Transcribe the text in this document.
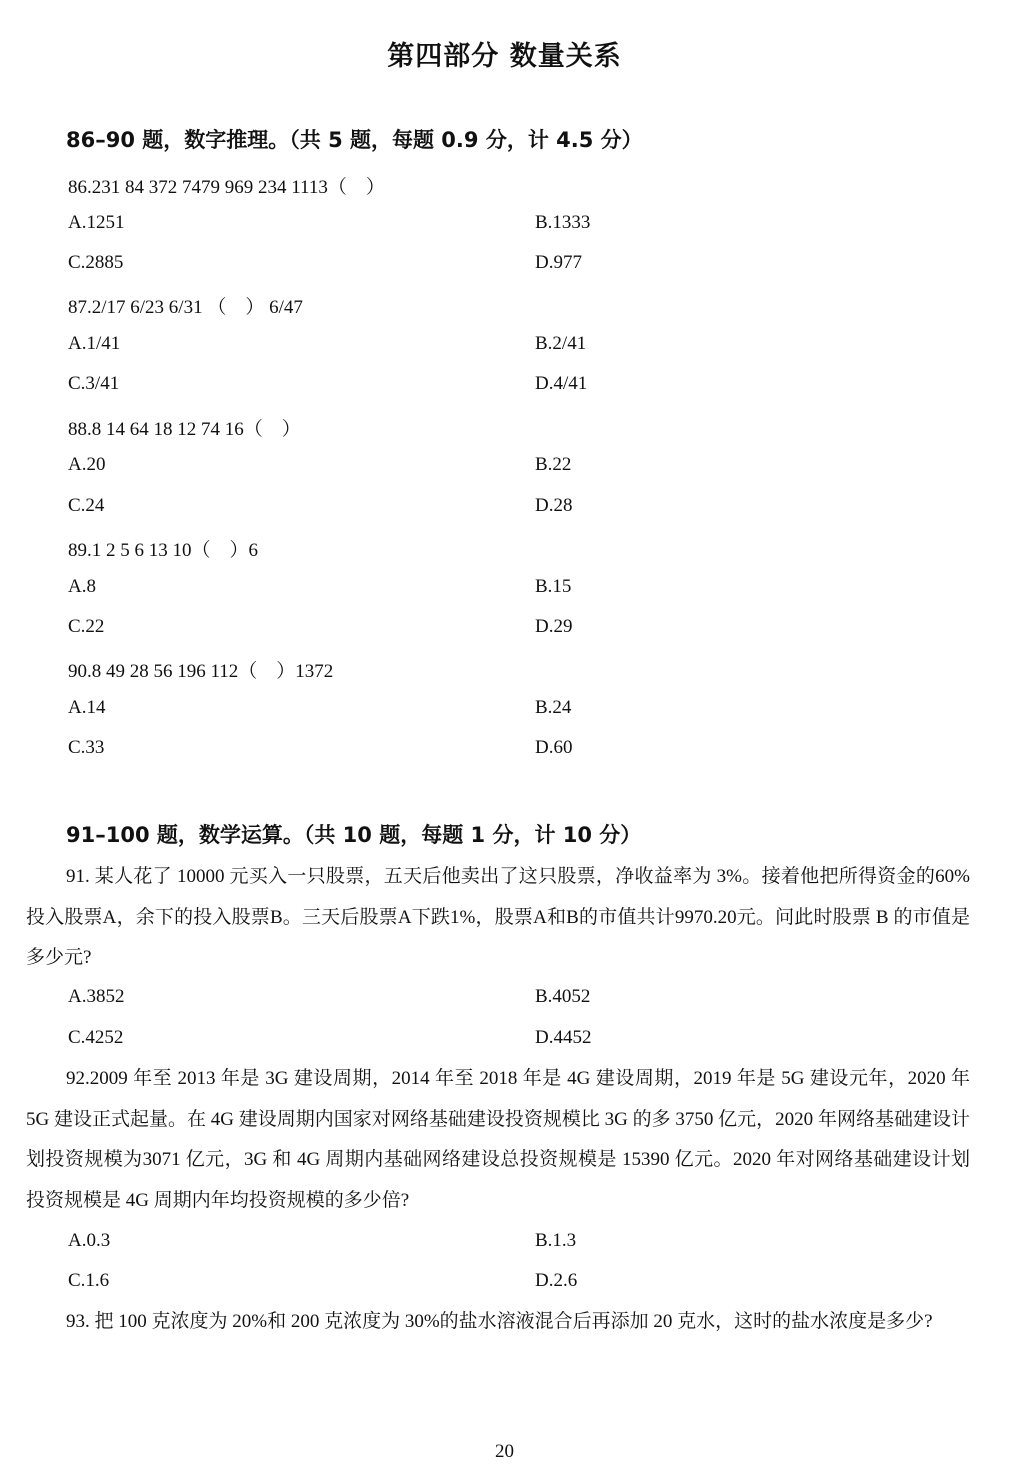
第四部分 数量关系
86–90 题，数字推理。（共 5 题，每题 0.9 分，计 4.5 分）
86.231 84 372 7479 969 234 1113（　）
A.1251	B.1333
C.2885	D.977
87.2/17 6/23 6/31 （　） 6/47
A.1/41	B.2/41
C.3/41	D.4/41
88.8 14 64 18 12 74 16（　）
A.20	B.22
C.24	D.28
89.1 2 5 6 13 10（　）6
A.8	B.15
C.22	D.29
90.8 49 28 56 196 112（　）1372
A.14	B.24
C.33	D.60
91–100 题，数学运算。（共 10 题，每题 1 分，计 10 分）
91. 某人花了 10000 元买入一只股票，五天后他卖出了这只股票，净收益率为 3%。接着他把所得资金的60%投入股票A，余下的投入股票B。三天后股票A下跌1%，股票A和B的市值共计9970.20元。问此时股票 B 的市值是多少元?
A.3852	B.4052
C.4252	D.4452
92.2009 年至 2013 年是 3G 建设周期，2014 年至 2018 年是 4G 建设周期，2019 年是 5G 建设元年，2020 年 5G 建设正式起量。在 4G 建设周期内国家对网络基础建设投资规模比 3G 的多 3750 亿元，2020 年网络基础建设计划投资规模为3071 亿元，3G 和 4G 周期内基础网络建设总投资规模是 15390 亿元。2020 年对网络基础建设计划投资规模是 4G 周期内年均投资规模的多少倍?
A.0.3	B.1.3
C.1.6	D.2.6
93. 把 100 克浓度为 20%和 200 克浓度为 30%的盐水溶液混合后再添加 20 克水，这时的盐水浓度是多少?
20
